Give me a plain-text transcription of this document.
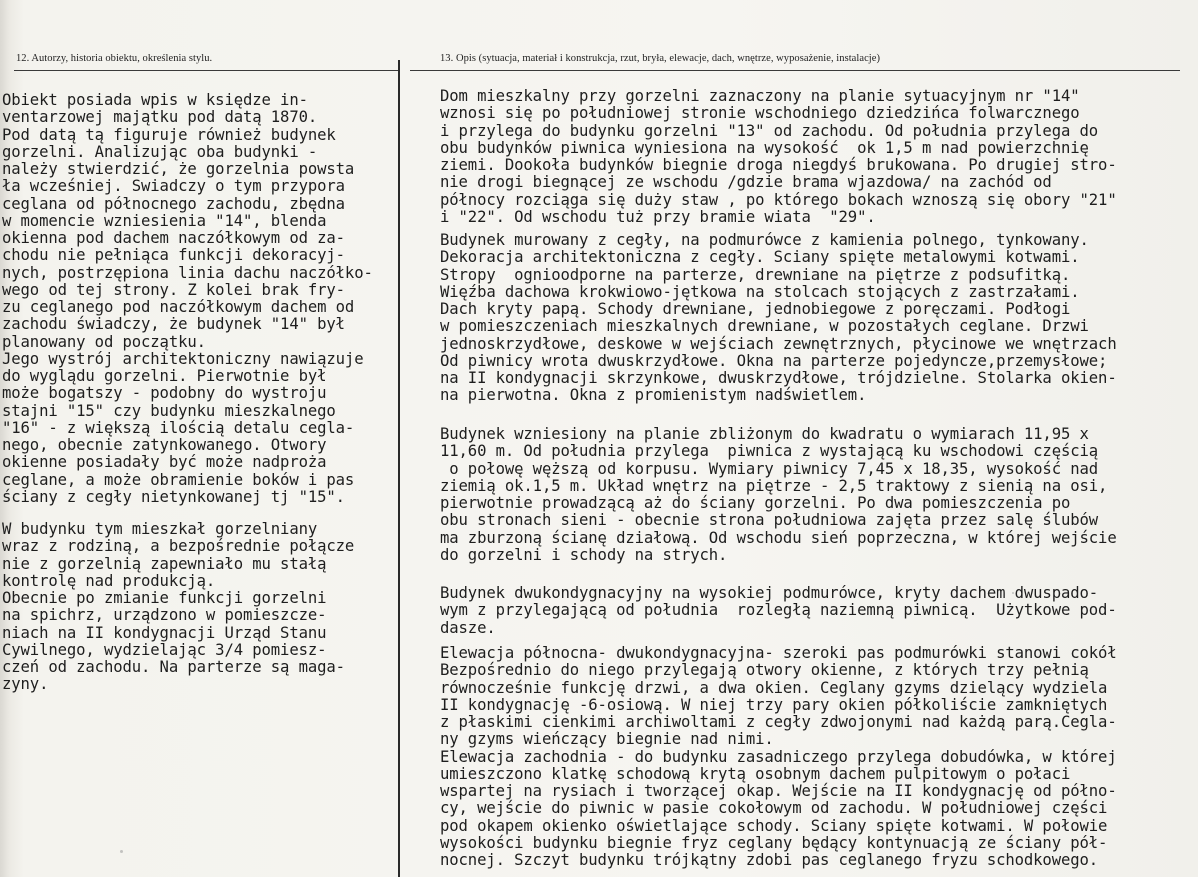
12. Autorzy, historia obiektu, określenia stylu.	13. Opis (sytuacja, materiał i konstrukcja, rzut, bryła, elewacje, dach, wnętrze, wyposażenie, instalacje)

Obiekt posiada wpis w księdze in-
ventarzowej majątku pod datą 1870.
Pod datą tą figuruje również budynek
gorzelni. Analizując oba budynki -
należy stwierdzić, że gorzelnia powsta
ła wcześniej. Swiadczy o tym przypora
ceglana od północnego zachodu, zbędna
w momencie wzniesienia "14", blenda
okienna pod dachem naczółkowym od za-
chodu nie pełniąca funkcji dekoracyj-
nych, postrzępiona linia dachu naczółko-
wego od tej strony. Z kolei brak fry-
zu ceglanego pod naczółkowym dachem od
zachodu świadczy, że budynek "14" był
planowany od początku.
Jego wystrój architektoniczny nawiązuje
do wyglądu gorzelni. Pierwotnie był
może bogatszy - podobny do wystroju
stajni "15" czy budynku mieszkalnego
"16" - z większą ilością detalu cegla-
nego, obecnie zatynkowanego. Otwory
okienne posiadały być może nadproża
ceglane, a może obramienie boków i pas
ściany z cegły nietynkowanej tj "15".

W budynku tym mieszkał gorzelniany
wraz z rodziną, a bezpośrednie połącze
nie z gorzelnią zapewniało mu stałą
kontrolę nad produkcją.
Obecnie po zmianie funkcji gorzelni
na spichrz, urządzono w pomieszcze-
niach na II kondygnacji Urząd Stanu
Cywilnego, wydzielając 3/4 pomiesz-
czeń od zachodu. Na parterze są maga-
zyny.

Dom mieszkalny przy gorzelni zaznaczony na planie sytuacyjnym nr "14"
wznosi się po południowej stronie wschodniego dziedzińca folwarcznego
i przylega do budynku gorzelni "13" od zachodu. Od południa przylega do
obu budynków piwnica wyniesiona na wysokość  ok 1,5 m nad powierzchnię
ziemi. Dookoła budynków biegnie droga niegdyś brukowana. Po drugiej stro-
nie drogi biegnącej ze wschodu /gdzie brama wjazdowa/ na zachód od
północy rozciąga się duży staw , po którego bokach wznoszą się obory "21"
i "22". Od wschodu tuż przy bramie wiata  "29".

Budynek murowany z cegły, na podmurówce z kamienia polnego, tynkowany.
Dekoracja architektoniczna z cegły. Sciany spięte metalowymi kotwami.
Stropy  ognioodporne na parterze, drewniane na piętrze z podsufitką.
Więźba dachowa krokwiowo-jętkowa na stolcach stojących z zastrzałami.
Dach kryty papą. Schody drewniane, jednobiegowe z poręczami. Podłogi
w pomieszczeniach mieszkalnych drewniane, w pozostałych ceglane. Drzwi
jednoskrzydłowe, deskowe w wejściach zewnętrznych, płycinowe we wnętrzach
Od piwnicy wrota dwuskrzydłowe. Okna na parterze pojedyncze,przemysłowe;
na II kondygnacji skrzynkowe, dwuskrzydłowe, trójdzielne. Stolarka okien-
na pierwotna. Okna z promienistym nadświetlem.

Budynek wzniesiony na planie zbliżonym do kwadratu o wymiarach 11,95 x
11,60 m. Od południa przylega  piwnica z wystającą ku wschodowi częścią
o połowę węższą od korpusu. Wymiary piwnicy 7,45 x 18,35, wysokość nad
ziemią ok.1,5 m. Układ wnętrz na piętrze - 2,5 traktowy z sienią na osi,
pierwotnie prowadzącą aż do ściany gorzelni. Po dwa pomieszczenia po
obu stronach sieni - obecnie strona południowa zajęta przez salę ślubów
ma zburzoną ścianę działową. Od wschodu sień poprzeczna, w której wejście
do gorzelni i schody na strych.

Budynek dwukondygnacyjny na wysokiej podmurówce, kryty dachem dwuspado-
wym z przylegającą od południa  rozległą naziemną piwnicą.  Użytkowe pod-
dasze.

Elewacja północna- dwukondygnacyjna- szeroki pas podmurówki stanowi cokół
Bezpośrednio do niego przylegają otwory okienne, z których trzy pełnią
równocześnie funkcję drzwi, a dwa okien. Ceglany gzyms dzielący wydziela
II kondygnację -6-osiową. W niej trzy pary okien półkoliście zamkniętych
z płaskimi cienkimi archiwoltami z cegły zdwojonymi nad każdą parą.Cegla-
ny gzyms wieńczący biegnie nad nimi.
Elewacja zachodnia - do budynku zasadniczego przylega dobudówka, w której
umieszczono klatkę schodową krytą osobnym dachem pulpitowym o połaci
wspartej na rysiach i tworzącej okap. Wejście na II kondygnację od półno-
cy, wejście do piwnic w pasie cokołowym od zachodu. W południowej części
pod okapem okienko oświetlające schody. Sciany spięte kotwami. W połowie
wysokości budynku biegnie fryz ceglany będący kontynuacją ze ściany pół-
nocnej. Szczyt budynku trójkątny zdobi pas ceglanego fryzu schodkowego.
